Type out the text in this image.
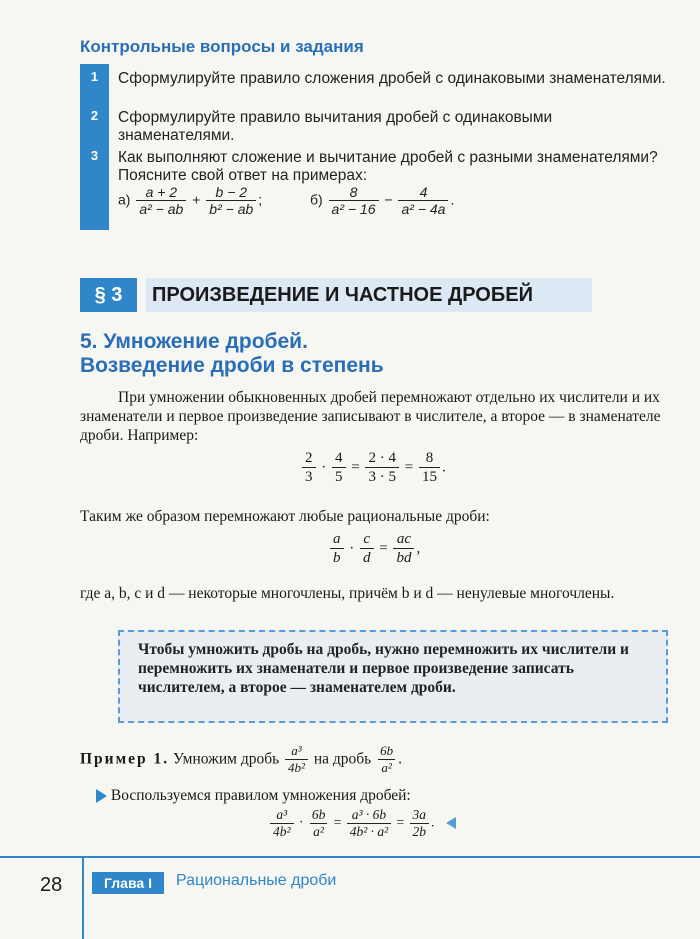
Контрольные вопросы и задания
1	Сформулируйте правило сложения дробей с одинаковыми знаменателями.
2	Сформулируйте правило вычитания дробей с одинаковыми знаменателями.
3	Как выполняют сложение и вычитание дробей с разными знаменателями? Поясните свой ответ на примерах:
$а) \frac{a + 2}{\text{a² − ab}} + \frac{b - 2}{\text{b² − ab}}$ ;	$б) \frac{8}{\text{a² − 16}} - \frac{4}{\text{a² − 4a}}$ .
§ 3	ПРОИЗВЕДЕНИЕ И ЧАСТНОЕ ДРОБЕЙ
5. Умножение дробей.
Возведение дроби в степень
При умножении обыкновенных дробей перемножают отдельно их числители и их знаменатели и первое произведение записывают в числителе, а второе — в знаменателе дроби. Например:
$\frac{2}{3} \cdot \frac{4}{5} = \frac{2 \cdot 4}{3 \cdot 5} = \frac{8}{15}$ .
Таким же образом перемножают любые рациональные дроби:
$\frac{a}{b} \cdot \frac{c}{d} = \frac{ac}{bd}$ ,
где a, b, c и d — некоторые многочлены, причём b и d — ненулевые многочлены.
Чтобы умножить дробь на дробь, нужно перемножить их числители и перемножить их знаменатели и первое произведение записать числителем, а второе — знаменателем дроби.
Пример 1. Умножим дробь $\frac{\text{a³}}{\text{4b²}}$ на дробь $\frac{6b}{\text{a²}}$ .
Воспользуемся правилом умножения дробей:
$\frac{\text{a³}}{\text{4b²}} \cdot \frac{6b}{\text{a²}} = \frac{\text{a³ · 6b}}{\text{4b² · a²}} = \frac{3a}{2b}$ .
28	Глава I	Рациональные дроби
